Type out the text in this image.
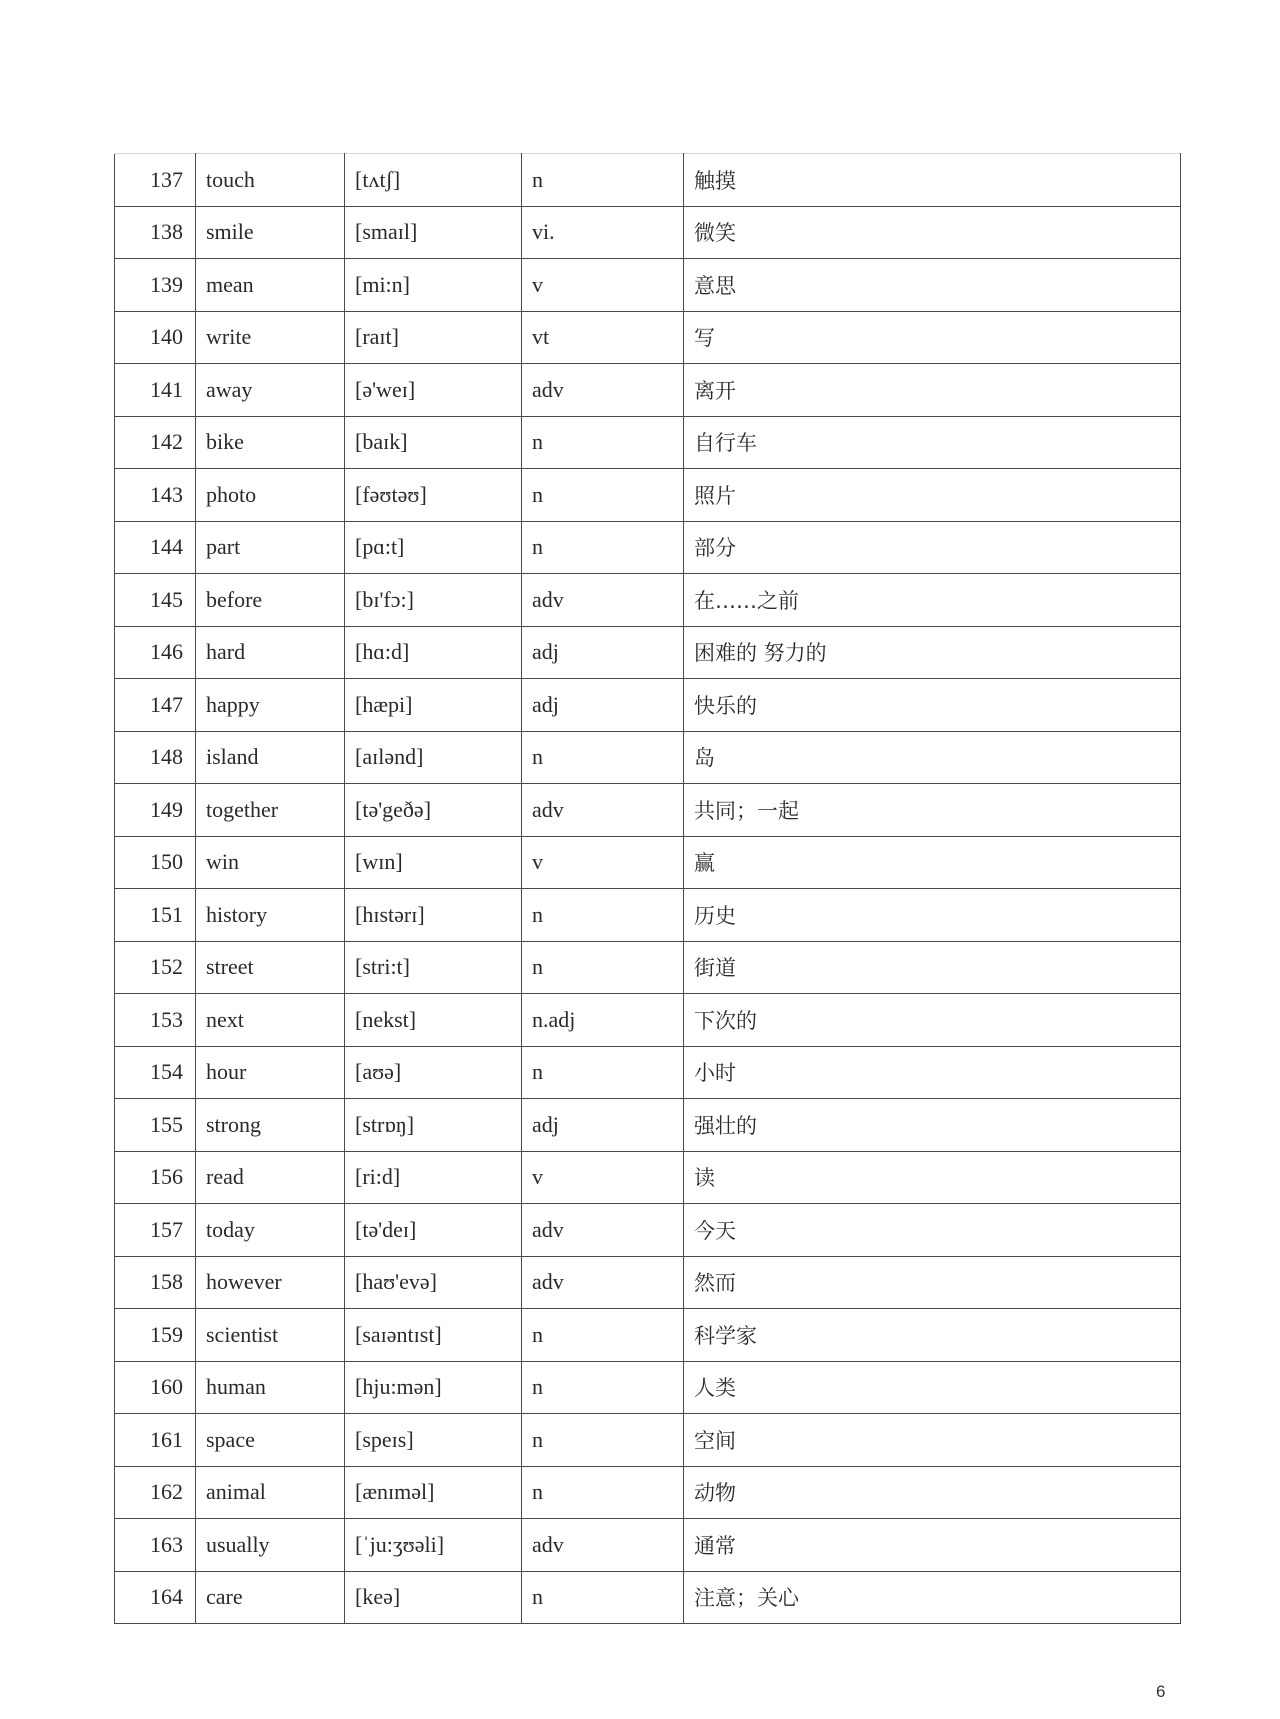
137	touch	[tʌtʃ]	n	触摸
138	smile	[smaɪl]	vi.	微笑
139	mean	[mi:n]	v	意思
140	write	[raɪt]	vt	写
141	away	[ə'weɪ]	adv	离开
142	bike	[baɪk]	n	自行车
143	photo	[fəʊtəʊ]	n	照片
144	part	[pɑ:t]	n	部分
145	before	[bɪ'fɔ:]	adv	在……之前
146	hard	[hɑ:d]	adj	困难的 努力的
147	happy	[hæpi]	adj	快乐的
148	island	[aɪlənd]	n	岛
149	together	[tə'geðə]	adv	共同；一起
150	win	[wɪn]	v	赢
151	history	[hɪstərɪ]	n	历史
152	street	[stri:t]	n	街道
153	next	[nekst]	n.adj	下次的
154	hour	[aʊə]	n	小时
155	strong	[strɒŋ]	adj	强壮的
156	read	[ri:d]	v	读
157	today	[tə'deɪ]	adv	今天
158	however	[haʊ'evə]	adv	然而
159	scientist	[saɪəntɪst]	n	科学家
160	human	[hju:mən]	n	人类
161	space	[speɪs]	n	空间
162	animal	[ænɪməl]	n	动物
163	usually	[ˈju:ʒʊəli]	adv	通常
164	care	[keə]	n	注意；关心
6
